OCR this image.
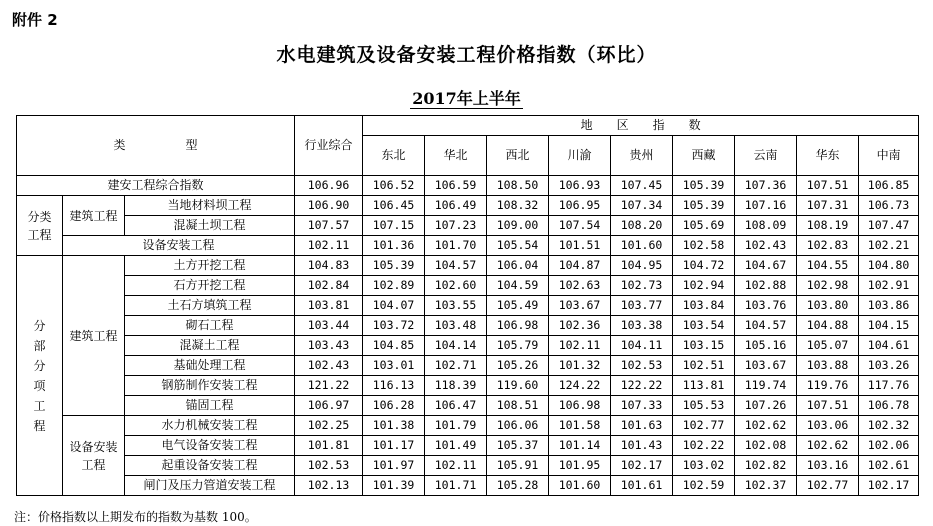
附件 2
水电建筑及设备安装工程价格指数（环比）
2017年上半年
类　　　　　型			行业综合	地　　区　　指　　数								
				东北	华北	西北	川渝	贵州	西藏	云南	华东	中南
建安工程综合指数			106.96	106.52	106.59	108.50	106.93	107.45	105.39	107.36	107.51	106.85
分类工程	建筑工程	当地材料坝工程	106.90	106.45	106.49	108.32	106.95	107.34	105.39	107.16	107.31	106.73
		混凝土坝工程	107.57	107.15	107.23	109.00	107.54	108.20	105.69	108.09	108.19	107.47
	设备安装工程		102.11	101.36	101.70	105.54	101.51	101.60	102.58	102.43	102.83	102.21
分部分项工程	建筑工程	土方开挖工程	104.83	105.39	104.57	106.04	104.87	104.95	104.72	104.67	104.55	104.80
		石方开挖工程	102.84	102.89	102.60	104.59	102.63	102.73	102.94	102.88	102.98	102.91
		土石方填筑工程	103.81	104.07	103.55	105.49	103.67	103.77	103.84	103.76	103.80	103.86
		砌石工程	103.44	103.72	103.48	106.98	102.36	103.38	103.54	104.57	104.88	104.15
		混凝土工程	103.43	104.85	104.14	105.79	102.11	104.11	103.15	105.16	105.07	104.61
		基础处理工程	102.43	103.01	102.71	105.26	101.32	102.53	102.51	103.67	103.88	103.26
		钢筋制作安装工程	121.22	116.13	118.39	119.60	124.22	122.22	113.81	119.74	119.76	117.76
		锚固工程	106.97	106.28	106.47	108.51	106.98	107.33	105.53	107.26	107.51	106.78
	设备安装工程	水力机械安装工程	102.25	101.38	101.79	106.06	101.58	101.63	102.77	102.62	103.06	102.32
		电气设备安装工程	101.81	101.17	101.49	105.37	101.14	101.43	102.22	102.08	102.62	102.06
		起重设备安装工程	102.53	101.97	102.11	105.91	101.95	102.17	103.02	102.82	103.16	102.61
		闸门及压力管道安装工程	102.13	101.39	101.71	105.28	101.60	101.61	102.59	102.37	102.77	102.17
注：价格指数以上期发布的指数为基数 100。
